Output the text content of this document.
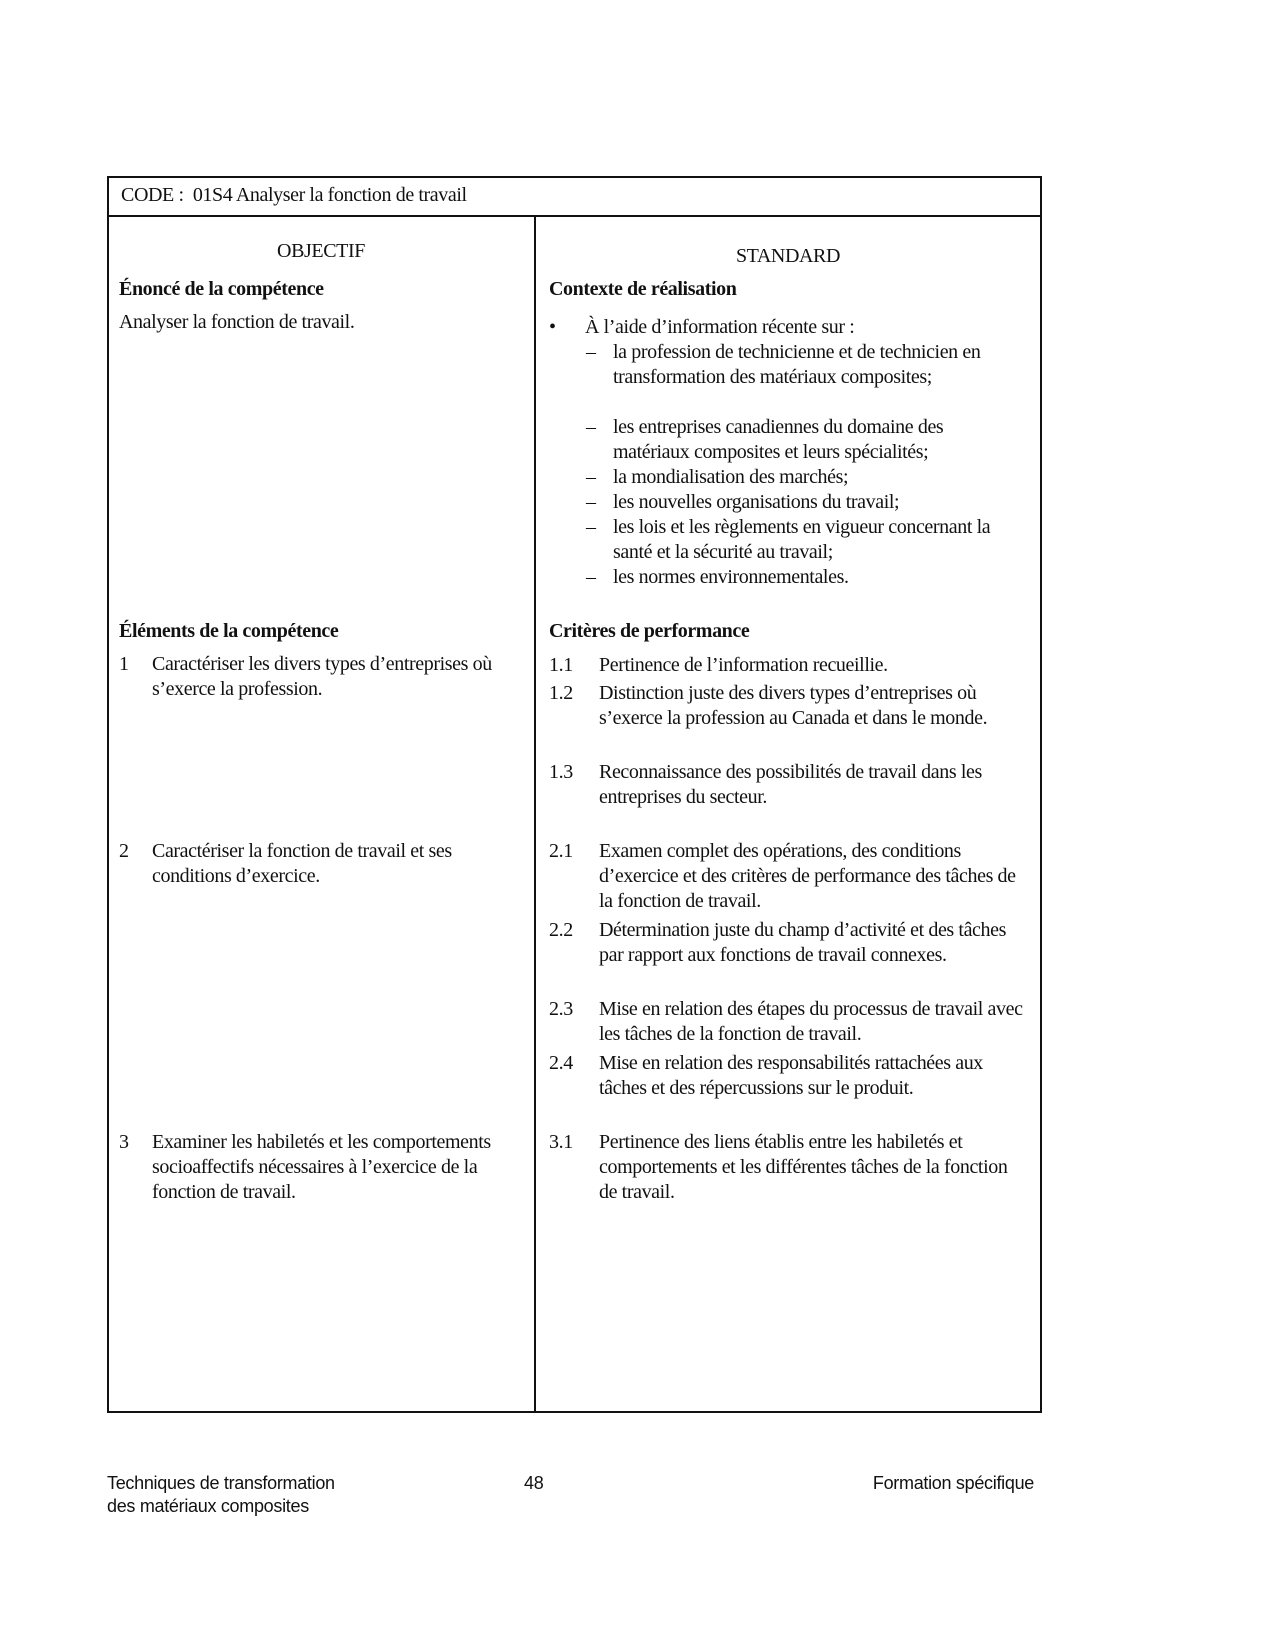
CODE : 01S4 Analyser la fonction de travail
OBJECTIF
Énoncé de la compétence
Analyser la fonction de travail.
Éléments de la compétence
1 Caractériser les divers types d’entreprises où s’exerce la profession.
2 Caractériser la fonction de travail et ses conditions d’exercice.
3 Examiner les habiletés et les comportements socioaffectifs nécessaires à l’exercice de la fonction de travail.
STANDARD
Contexte de réalisation
• À l’aide d’information récente sur :
– la profession de technicienne et de technicien en transformation des matériaux composites;
– les entreprises canadiennes du domaine des matériaux composites et leurs spécialités;
– la mondialisation des marchés;
– les nouvelles organisations du travail;
– les lois et les règlements en vigueur concernant la santé et la sécurité au travail;
– les normes environnementales.
Critères de performance
1.1 Pertinence de l’information recueillie.
1.2 Distinction juste des divers types d’entreprises où s’exerce la profession au Canada et dans le monde.
1.3 Reconnaissance des possibilités de travail dans les entreprises du secteur.
2.1 Examen complet des opérations, des conditions d’exercice et des critères de performance des tâches de la fonction de travail.
2.2 Détermination juste du champ d’activité et des tâches par rapport aux fonctions de travail connexes.
2.3 Mise en relation des étapes du processus de travail avec les tâches de la fonction de travail.
2.4 Mise en relation des responsabilités rattachées aux tâches et des répercussions sur le produit.
3.1 Pertinence des liens établis entre les habiletés et comportements et les différentes tâches de la fonction de travail.
Techniques de transformation
des matériaux composites
48	Formation spécifique
